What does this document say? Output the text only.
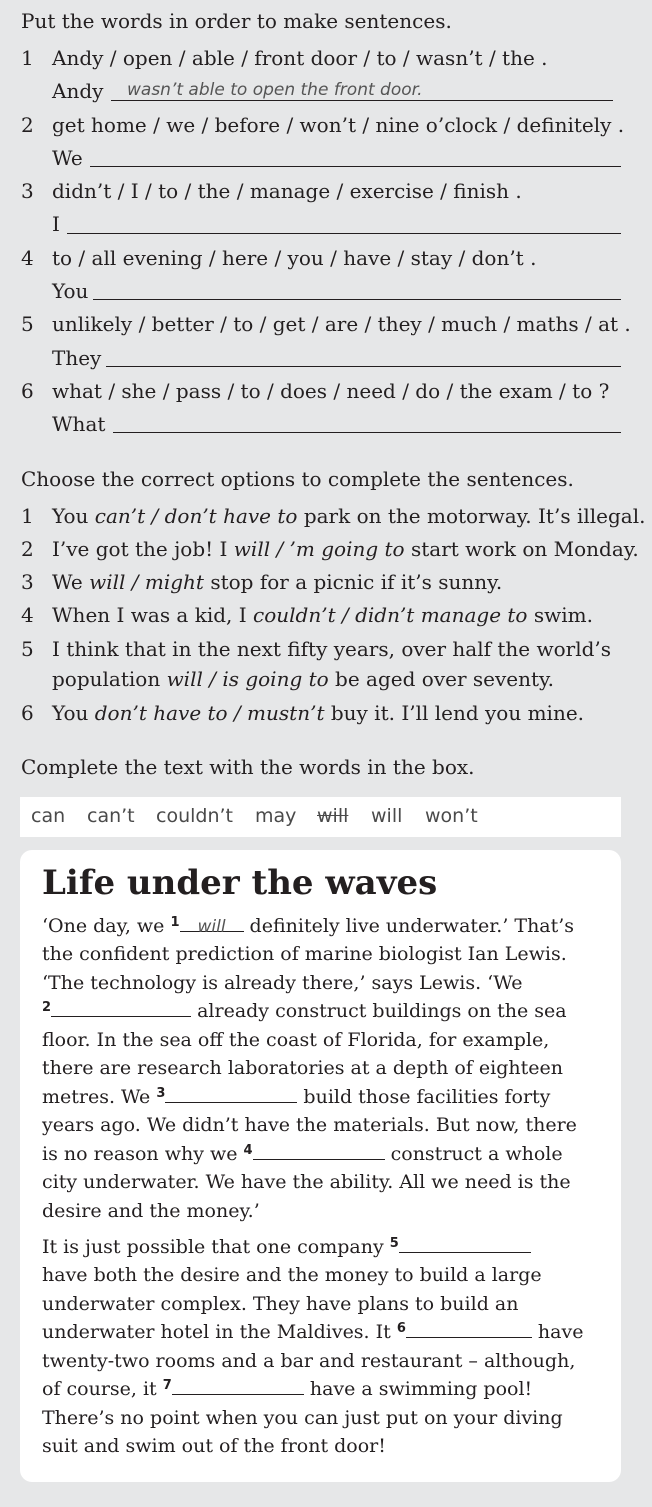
Put the words in order to make sentences.
1 Andy / open / able / front door / to / wasn’t / the .
Andy wasn’t able to open the front door.
2 get home / we / before / won’t / nine o’clock / definitely .
We
3 didn’t / I / to / the / manage / exercise / finish .
I
4 to / all evening / here / you / have / stay / don’t .
You
5 unlikely / better / to / get / are / they / much / maths / at .
They
6 what / she / pass / to / does / need / do / the exam / to ?
What
Choose the correct options to complete the sentences.
1 You can’t / don’t have to park on the motorway. It’s illegal.
2 I’ve got the job! I will / ’m going to start work on Monday.
3 We will / might stop for a picnic if it’s sunny.
4 When I was a kid, I couldn’t / didn’t manage to swim.
5 I think that in the next fifty years, over half the world’s
population will / is going to be aged over seventy.
6 You don’t have to / mustn’t buy it. I’ll lend you mine.
Complete the text with the words in the box.
can can’t couldn’t may will will won’t
Life under the waves
‘One day, we $^1$ will definitely live underwater.’ That’s
the confident prediction of marine biologist Ian Lewis.
‘The technology is already there,’ says Lewis. ‘We
$^2$	already construct buildings on the sea
floor. In the sea off the coast of Florida, for example,
there are research laboratories at a depth of eighteen
metres. We $^3$	build those facilities forty
years ago. We didn’t have the materials. But now, there
is no reason why we $^4$	construct a whole
city underwater. We have the ability. All we need is the
desire and the money.’
It is just possible that one company $^5$
have both the desire and the money to build a large
underwater complex. They have plans to build an
underwater hotel in the Maldives. It $^6$	have
twenty-two rooms and a bar and restaurant – although,
of course, it $^7$	have a swimming pool!
There’s no point when you can just put on your diving
suit and swim out of the front door!
